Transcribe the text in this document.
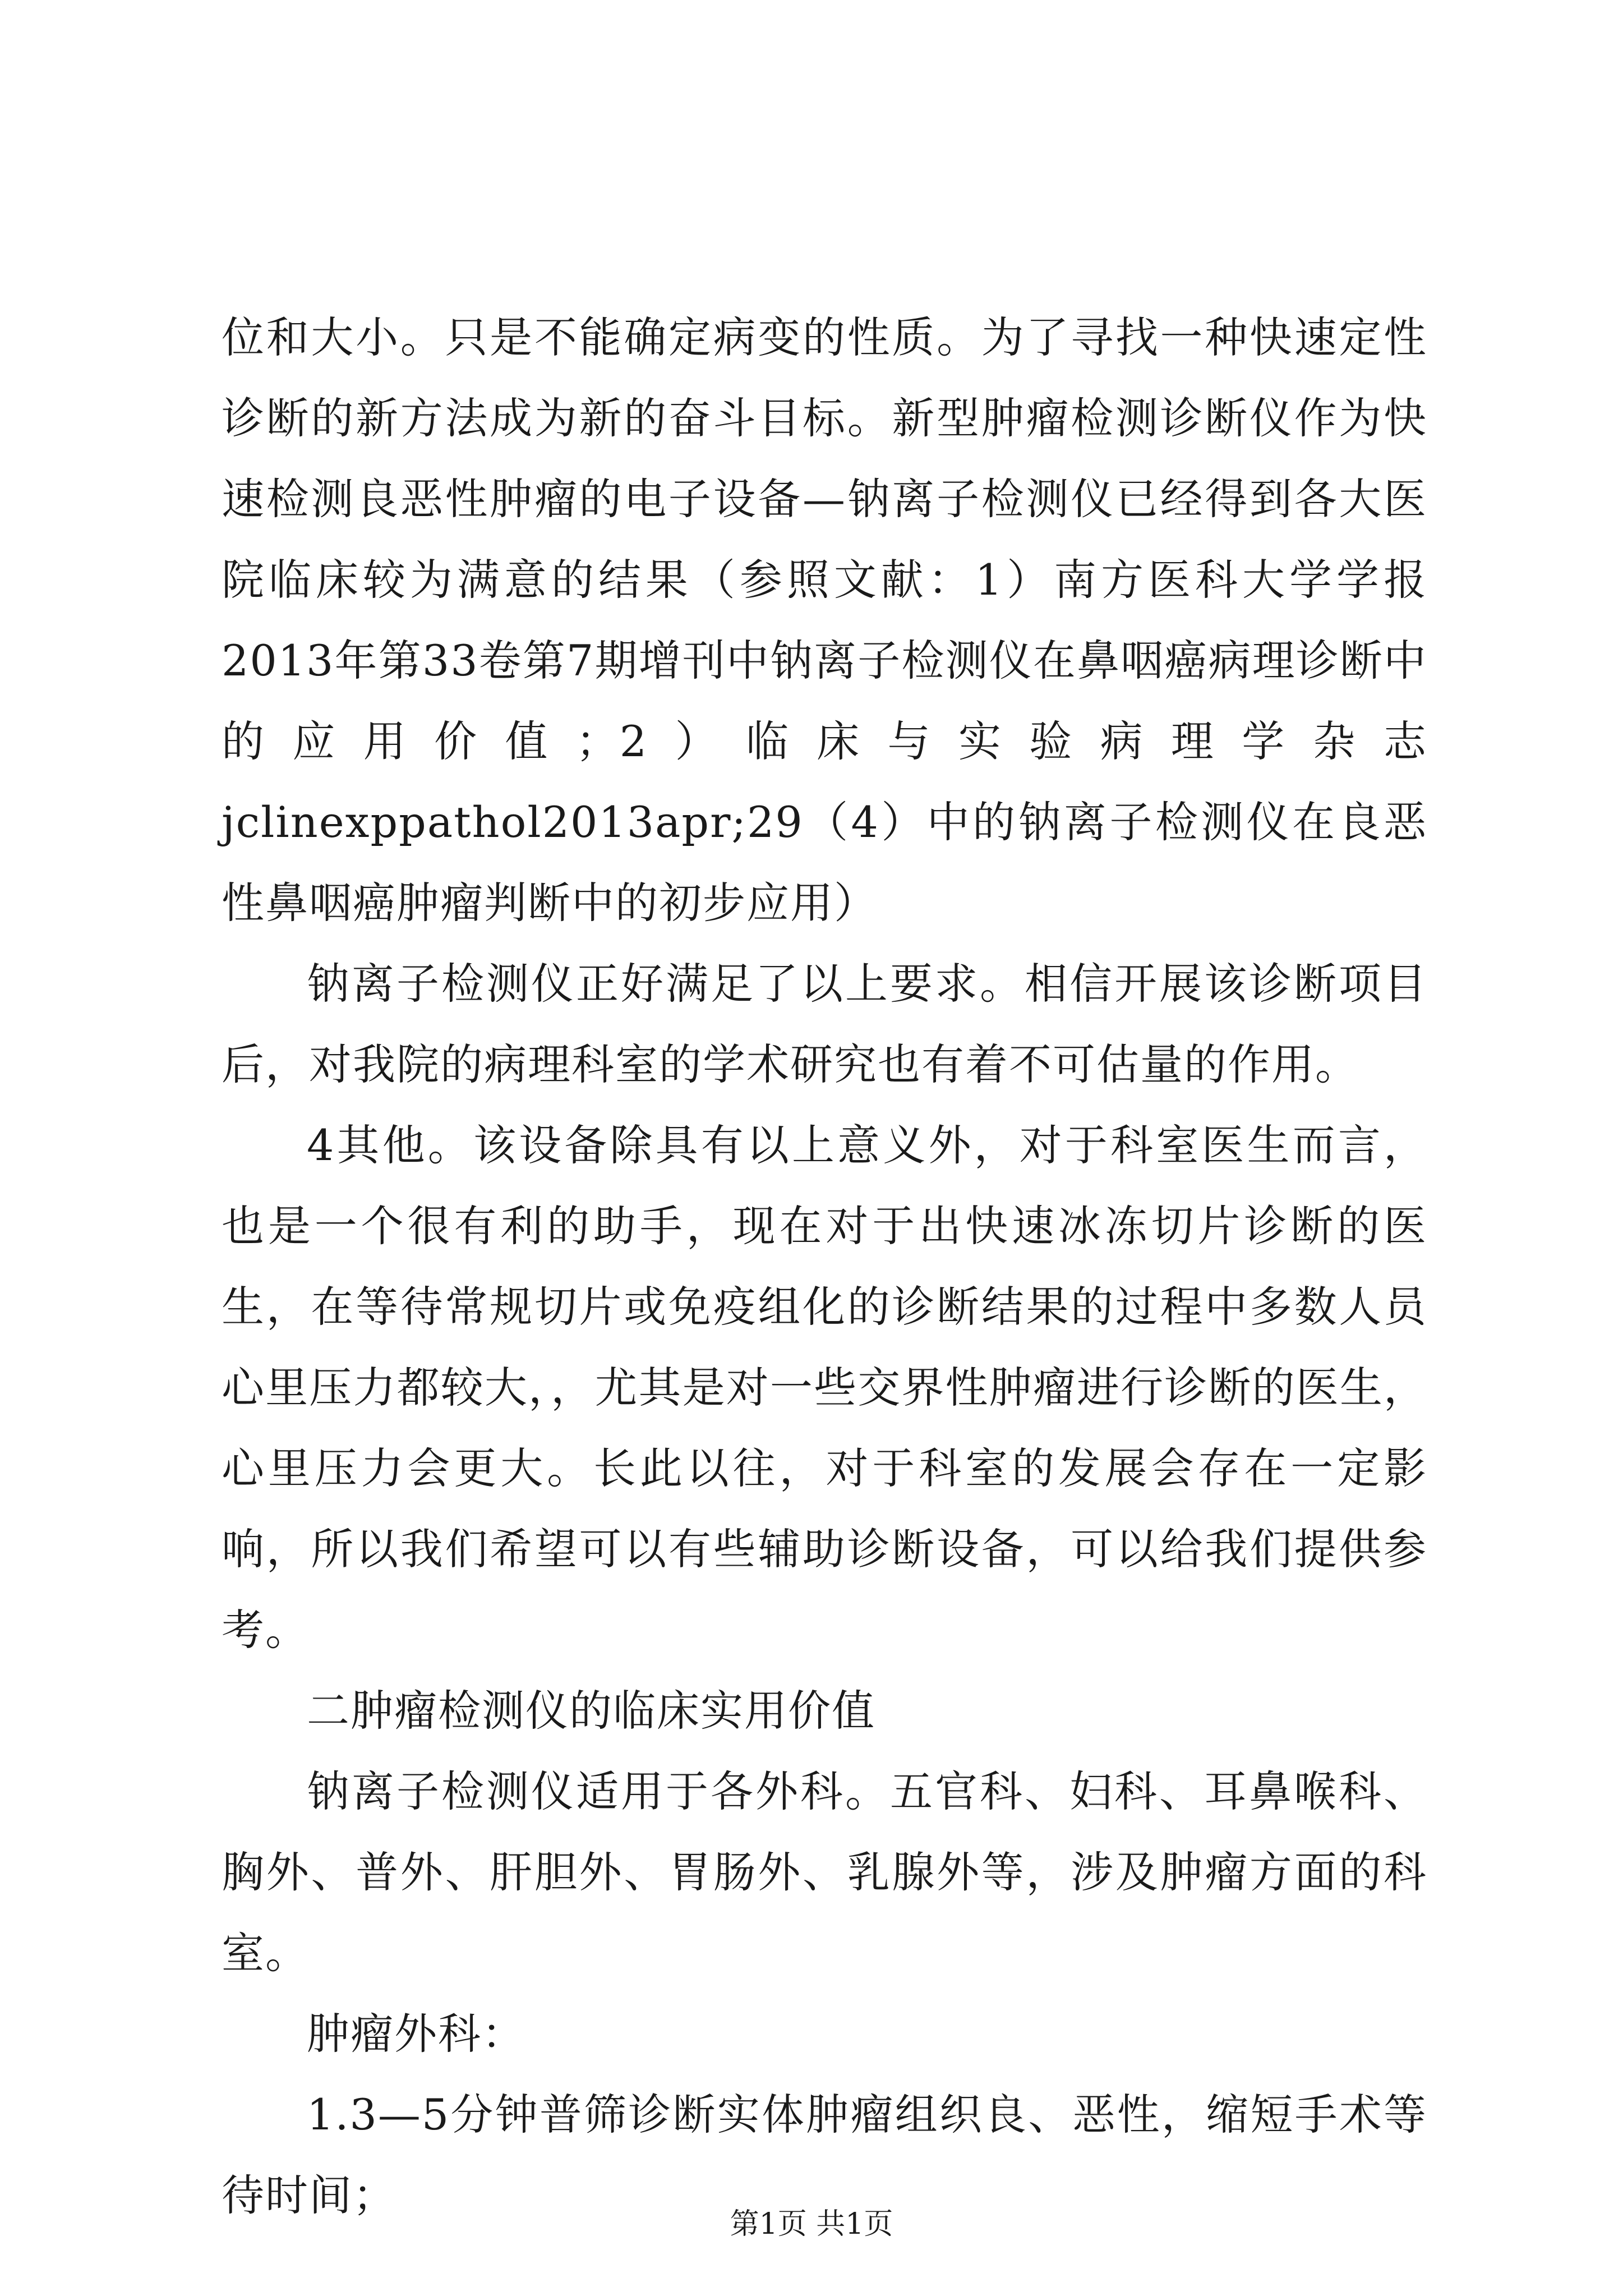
位和大小。只是不能确定病变的性质。为了寻找一种快速定性诊断的新方法成为新的奋斗目标。新型肿瘤检测诊断仪作为快速检测良恶性肿瘤的电子设备—钠离子检测仪已经得到各大医院临床较为满意的结果（参照文献：1）南方医科大学学报2013年第33卷第7期增刊中钠离子检测仪在鼻咽癌病理诊断中的应用价值；2）临床与实验病理学杂志jclinexppathol2013apr;29（4）中的钠离子检测仪在良恶性鼻咽癌肿瘤判断中的初步应用）

钠离子检测仪正好满足了以上要求。相信开展该诊断项目后，对我院的病理科室的学术研究也有着不可估量的作用。

4其他。该设备除具有以上意义外，对于科室医生而言，也是一个很有利的助手，现在对于出快速冰冻切片诊断的医生，在等待常规切片或免疫组化的诊断结果的过程中多数人员心里压力都较大，，尤其是对一些交界性肿瘤进行诊断的医生，心里压力会更大。长此以往，对于科室的发展会存在一定影响，所以我们希望可以有些辅助诊断设备，可以给我们提供参考。

二肿瘤检测仪的临床实用价值

钠离子检测仪适用于各外科。五官科、妇科、耳鼻喉科、胸外、普外、肝胆外、胃肠外、乳腺外等，涉及肿瘤方面的科室。

肿瘤外科：

1.3—5分钟普筛诊断实体肿瘤组织良、恶性，缩短手术等待时间；

第1页 共1页
